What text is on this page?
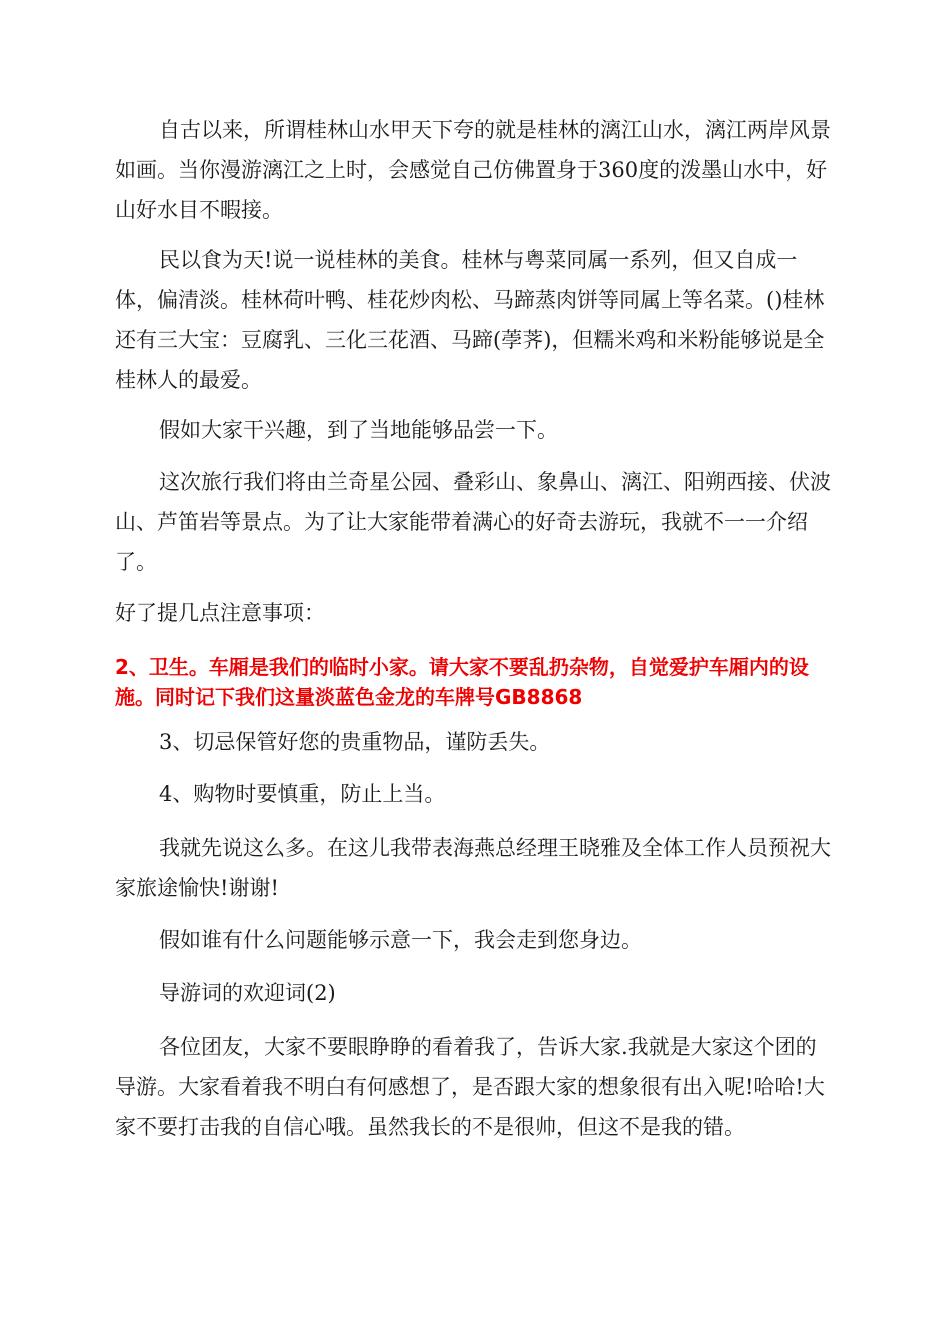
自古以来，所谓桂林山水甲天下夸的就是桂林的漓江山水，漓江两岸风景如画。当你漫游漓江之上时，会感觉自己仿佛置身于360度的泼墨山水中，好山好水目不暇接。

民以食为天!说一说桂林的美食。桂林与粤菜同属一系列，但又自成一体，偏清淡。桂林荷叶鸭、桂花炒肉松、马蹄蒸肉饼等同属上等名菜。()桂林还有三大宝：豆腐乳、三化三花酒、马蹄(荸荠)，但糯米鸡和米粉能够说是全桂林人的最爱。

假如大家干兴趣，到了当地能够品尝一下。

这次旅行我们将由兰奇星公园、叠彩山、象鼻山、漓江、阳朔西接、伏波山、芦笛岩等景点。为了让大家能带着满心的好奇去游玩，我就不一一介绍了。

好了提几点注意事项：

2、卫生。车厢是我们的临时小家。请大家不要乱扔杂物，自觉爱护车厢内的设施。同时记下我们这量淡蓝色金龙的车牌号GB8868

3、切忌保管好您的贵重物品，谨防丢失。

4、购物时要慎重，防止上当。

我就先说这么多。在这儿我带表海燕总经理王晓雅及全体工作人员预祝大家旅途愉快!谢谢!

假如谁有什么问题能够示意一下，我会走到您身边。

导游词的欢迎词(2)

各位团友，大家不要眼睁睁的看着我了，告诉大家.我就是大家这个团的导游。大家看着我不明白有何感想了，是否跟大家的想象很有出入呢!哈哈!大家不要打击我的自信心哦。虽然我长的不是很帅，但这不是我的错。
